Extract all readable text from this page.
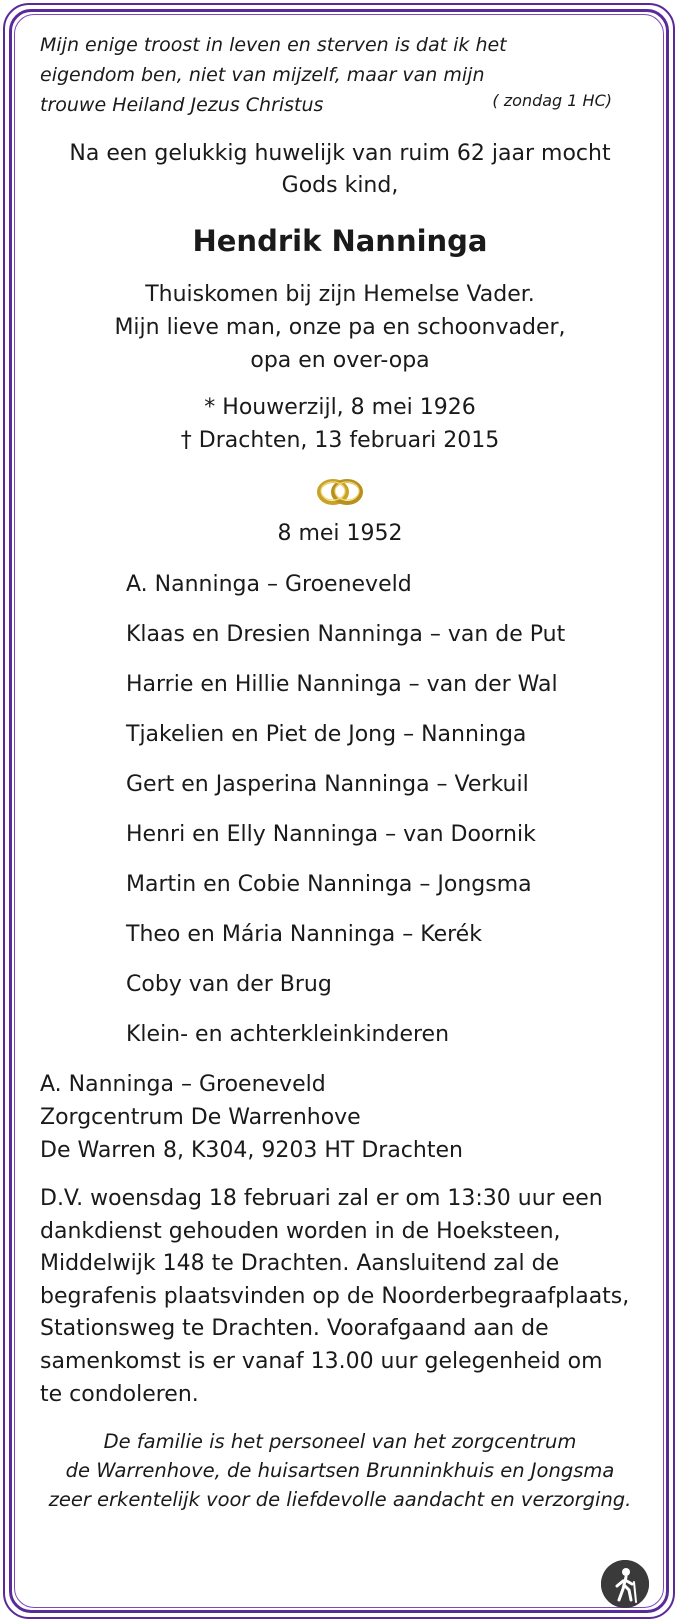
Mijn enige troost in leven en sterven is dat ik het
eigendom ben, niet van mijzelf, maar van mijn
trouwe Heiland Jezus Christus	( zondag 1 HC)
Na een gelukkig huwelijk van ruim 62 jaar mocht
Gods kind,
Hendrik Nanninga
Thuiskomen bij zijn Hemelse Vader.
Mijn lieve man, onze pa en schoonvader,
opa en over-opa
* Houwerzijl, 8 mei 1926
† Drachten, 13 februari 2015
8 mei 1952
A. Nanninga – Groeneveld
Klaas en Dresien Nanninga – van de Put
Harrie en Hillie Nanninga – van der Wal
Tjakelien en Piet de Jong – Nanninga
Gert en Jasperina Nanninga – Verkuil
Henri en Elly Nanninga – van Doornik
Martin en Cobie Nanninga – Jongsma
Theo en Mária Nanninga – Kerék
Coby van der Brug
Klein- en achterkleinkinderen
A. Nanninga – Groeneveld
Zorgcentrum De Warrenhove
De Warren 8, K304, 9203 HT Drachten
D.V. woensdag 18 februari zal er om 13:30 uur een
dankdienst gehouden worden in de Hoeksteen,
Middelwijk 148 te Drachten. Aansluitend zal de
begrafenis plaatsvinden op de Noorderbegraafplaats,
Stationsweg te Drachten. Voorafgaand aan de
samenkomst is er vanaf 13.00 uur gelegenheid om
te condoleren.
De familie is het personeel van het zorgcentrum
de Warrenhove, de huisartsen Brunninkhuis en Jongsma
zeer erkentelijk voor de liefdevolle aandacht en verzorging.
